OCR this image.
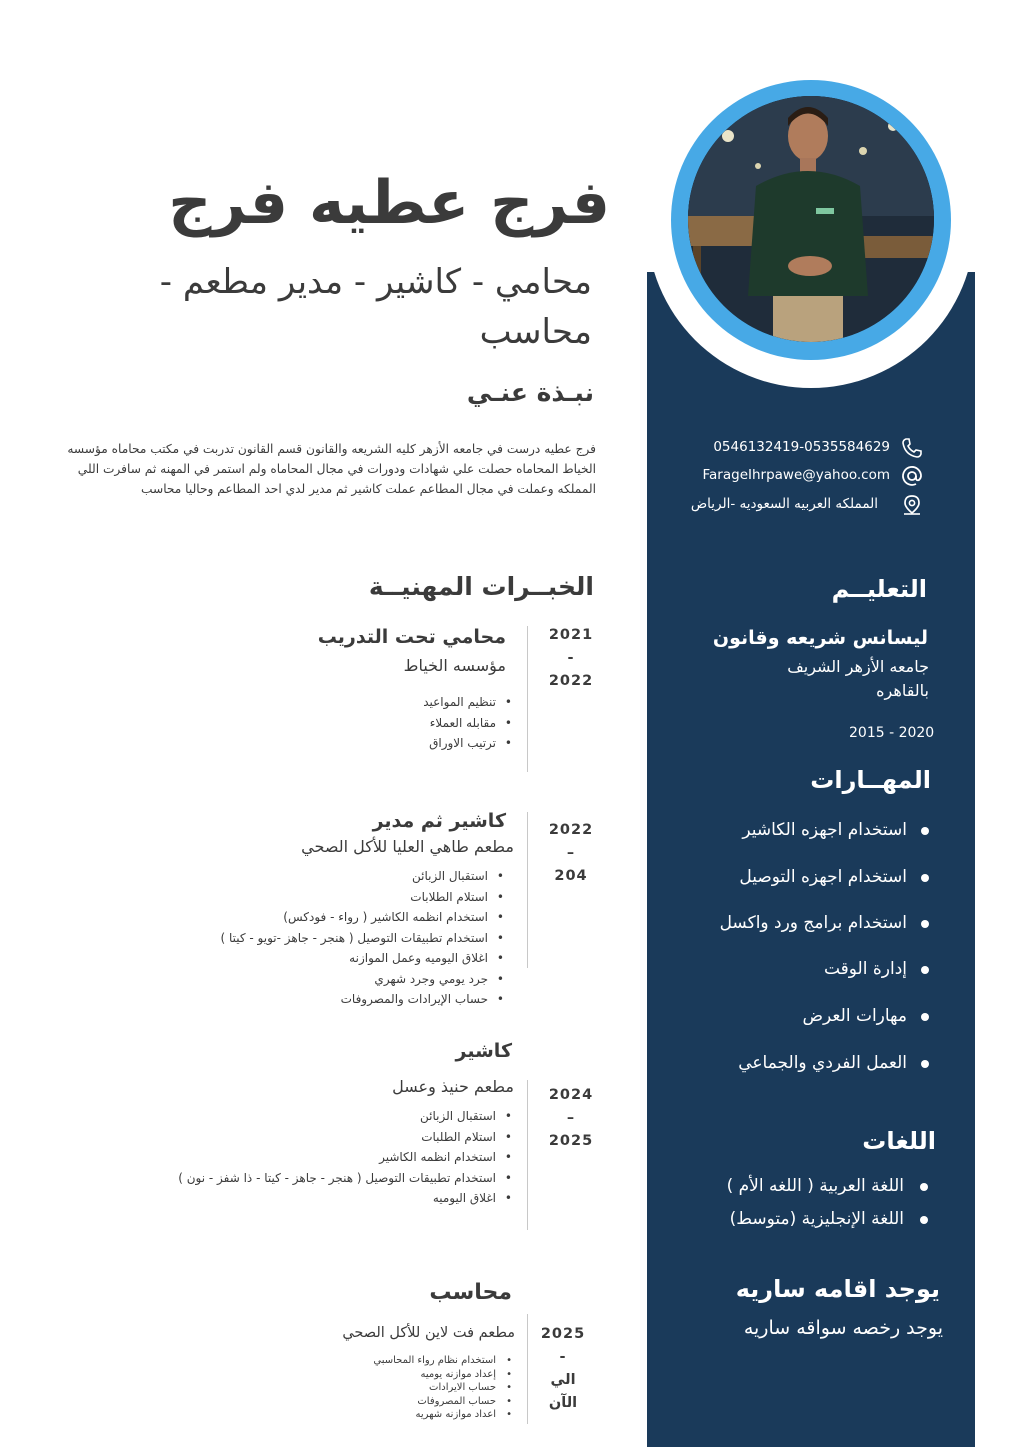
فرج عطيه فرج
محامي - كاشير - مدير مطعم -
محاسب
نبـذة عنـي
فرج عطيه درست في جامعه الأزهر كليه الشريعه والقانون قسم القانون تدربت في مكتب محاماه مؤسسه الخياط المحاماه حصلت علي شهادات ودورات في مجال المحاماه ولم استمر في المهنه ثم سافرت اللي المملكه وعملت في مجال المطاعم عملت كاشير ثم مدير لدي احد المطاعم وحاليا محاسب
الخبــرات المهنيــة
محامي تحت التدريب
مؤسسه الخياط
• تنظيم المواعيد
• مقابله العملاء
• ترتيب الاوراق
2021
-
2022
كاشير ثم مدير
مطعم طاهي العليا للأكل الصحي
• استقبال الزبائن
• استلام الطلابات
• استخدام انظمه الكاشير ( رواء - فودكس)
• استخدام تطبيقات التوصيل ( هنجر - جاهز -تويو - كيتا )
• اغلاق اليوميه وعمل الموازنه
• جرد يومي وجرد شهري
• حساب الإيرادات والمصروفات
2022
–
204
كاشير
مطعم حنيذ وعسل
• استقبال الزبائن
• استلام الطلبات
• استخدام انظمه الكاشير
• استخدام تطبيقات التوصيل ( هنجر - جاهز - كيتا - ذا شفز - نون )
• اغلاق اليوميه
2024
–
2025
محاسب
مطعم فت لاين للأكل الصحي
• استخدام نظام رواء المحاسبي
• إعداد موازنه يوميه
• حساب الايرادات
• حساب المصروفات
• اعداد موازنه شهريه
2025
-
الي
الآن
0546132419-0535584629
FarageIhrpawe@yahoo.com
المملكه العربيه السعوديه -الرياض
التعليــم
ليسانس شريعه وقانون
جامعه الأزهر الشريف
بالقاهره
2015 - 2020
المهــارات
استخدام اجهزه الكاشير
استخدام اجهزه التوصيل
استخدام برامج ورد واكسل
إدارة الوقت
مهارات العرض
العمل الفردي والجماعي
اللغات
اللغة العربية ( اللغه الأم )
اللغة الإنجليزية (متوسط)
يوجد اقامه ساريه
يوجد رخصه سواقه ساريه
